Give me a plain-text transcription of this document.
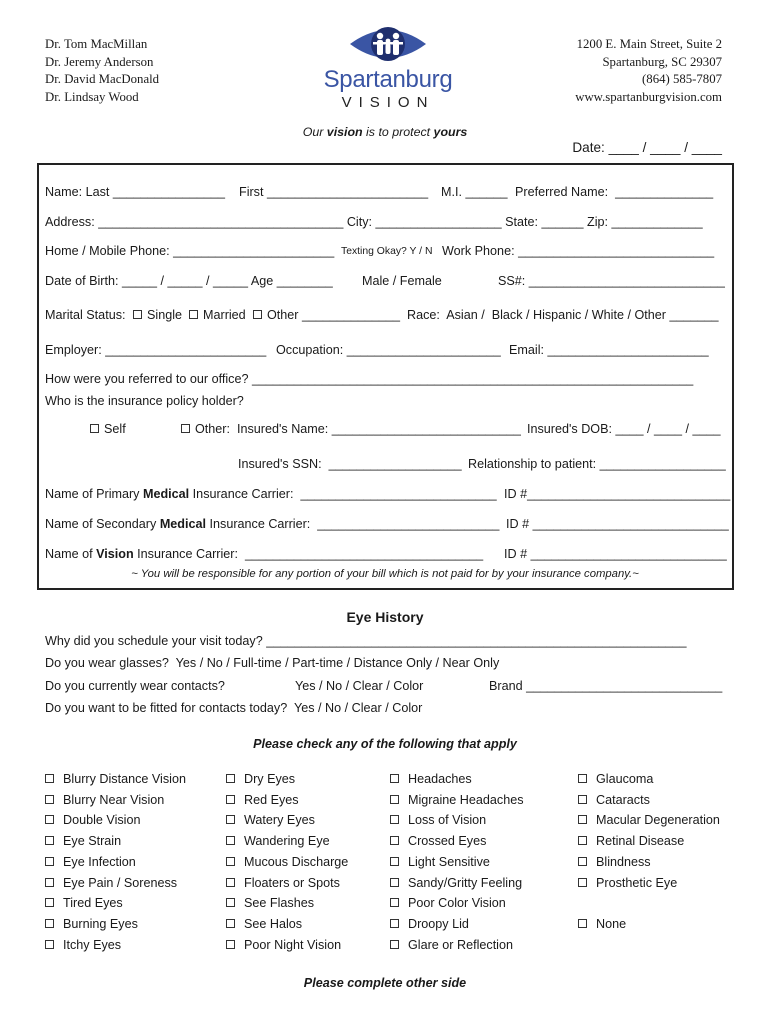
Dr. Tom MacMillan
Dr. Jeremy Anderson
Dr. David MacDonald
Dr. Lindsay Wood
Spartanburg
VISION
1200 E. Main Street, Suite 2
Spartanburg, SC 29307
(864) 585-7807
www.spartanburgvision.com
Our vision is to protect yours
Date: ____ / ____ / ____
Name: Last ________________ First _______________________ M.I. ______ Preferred Name:  ______________
Address: ___________________________________ City: __________________ State: ______ Zip: _____________
Home / Mobile Phone: _______________________ Texting Okay? Y / N Work Phone: ____________________________
Date of Birth: _____ / _____ / _____ Age ________ Male / Female	SS#: ____________________________
Marital Status:	Single	Married	Other ______________ Race:  Asian /  Black / Hispanic / White / Other _______
Employer: _______________________ Occupation: ______________________ Email: _______________________
How were you referred to our office? _______________________________________________________________
Who is the insurance policy holder?
Self	Other:  Insured's Name: ___________________________ Insured's DOB: ____ / ____ / ____
Insured's SSN:  ___________________ Relationship to patient: __________________
Name of Primary Medical Insurance Carrier:  ____________________________ ID #_____________________________
Name of Secondary Medical Insurance Carrier:  __________________________ ID # ____________________________
Name of Vision Insurance Carrier:  __________________________________ ID # ____________________________
~ You will be responsible for any portion of your bill which is not paid for by your insurance company.~
Eye History
Why did you schedule your visit today? ____________________________________________________________
Do you wear glasses?  Yes / No / Full-time / Part-time / Distance Only / Near Only
Do you currently wear contacts?	Yes / No / Clear / Color	Brand ____________________________
Do you want to be fitted for contacts today?  Yes / No / Clear / Color
Please check any of the following that apply
Blurry Distance Vision
Blurry Near Vision
Double Vision
Eye Strain
Eye Infection
Eye Pain / Soreness
Tired Eyes
Burning Eyes
Itchy Eyes
Dry Eyes
Red Eyes
Watery Eyes
Wandering Eye
Mucous Discharge
Floaters or Spots
See Flashes
See Halos
Poor Night Vision
Headaches
Migraine Headaches
Loss of Vision
Crossed Eyes
Light Sensitive
Sandy/Gritty Feeling
Poor Color Vision
Droopy Lid
Glare or Reflection
Glaucoma
Cataracts
Macular Degeneration
Retinal Disease
Blindness
Prosthetic Eye
None
Please complete other side
